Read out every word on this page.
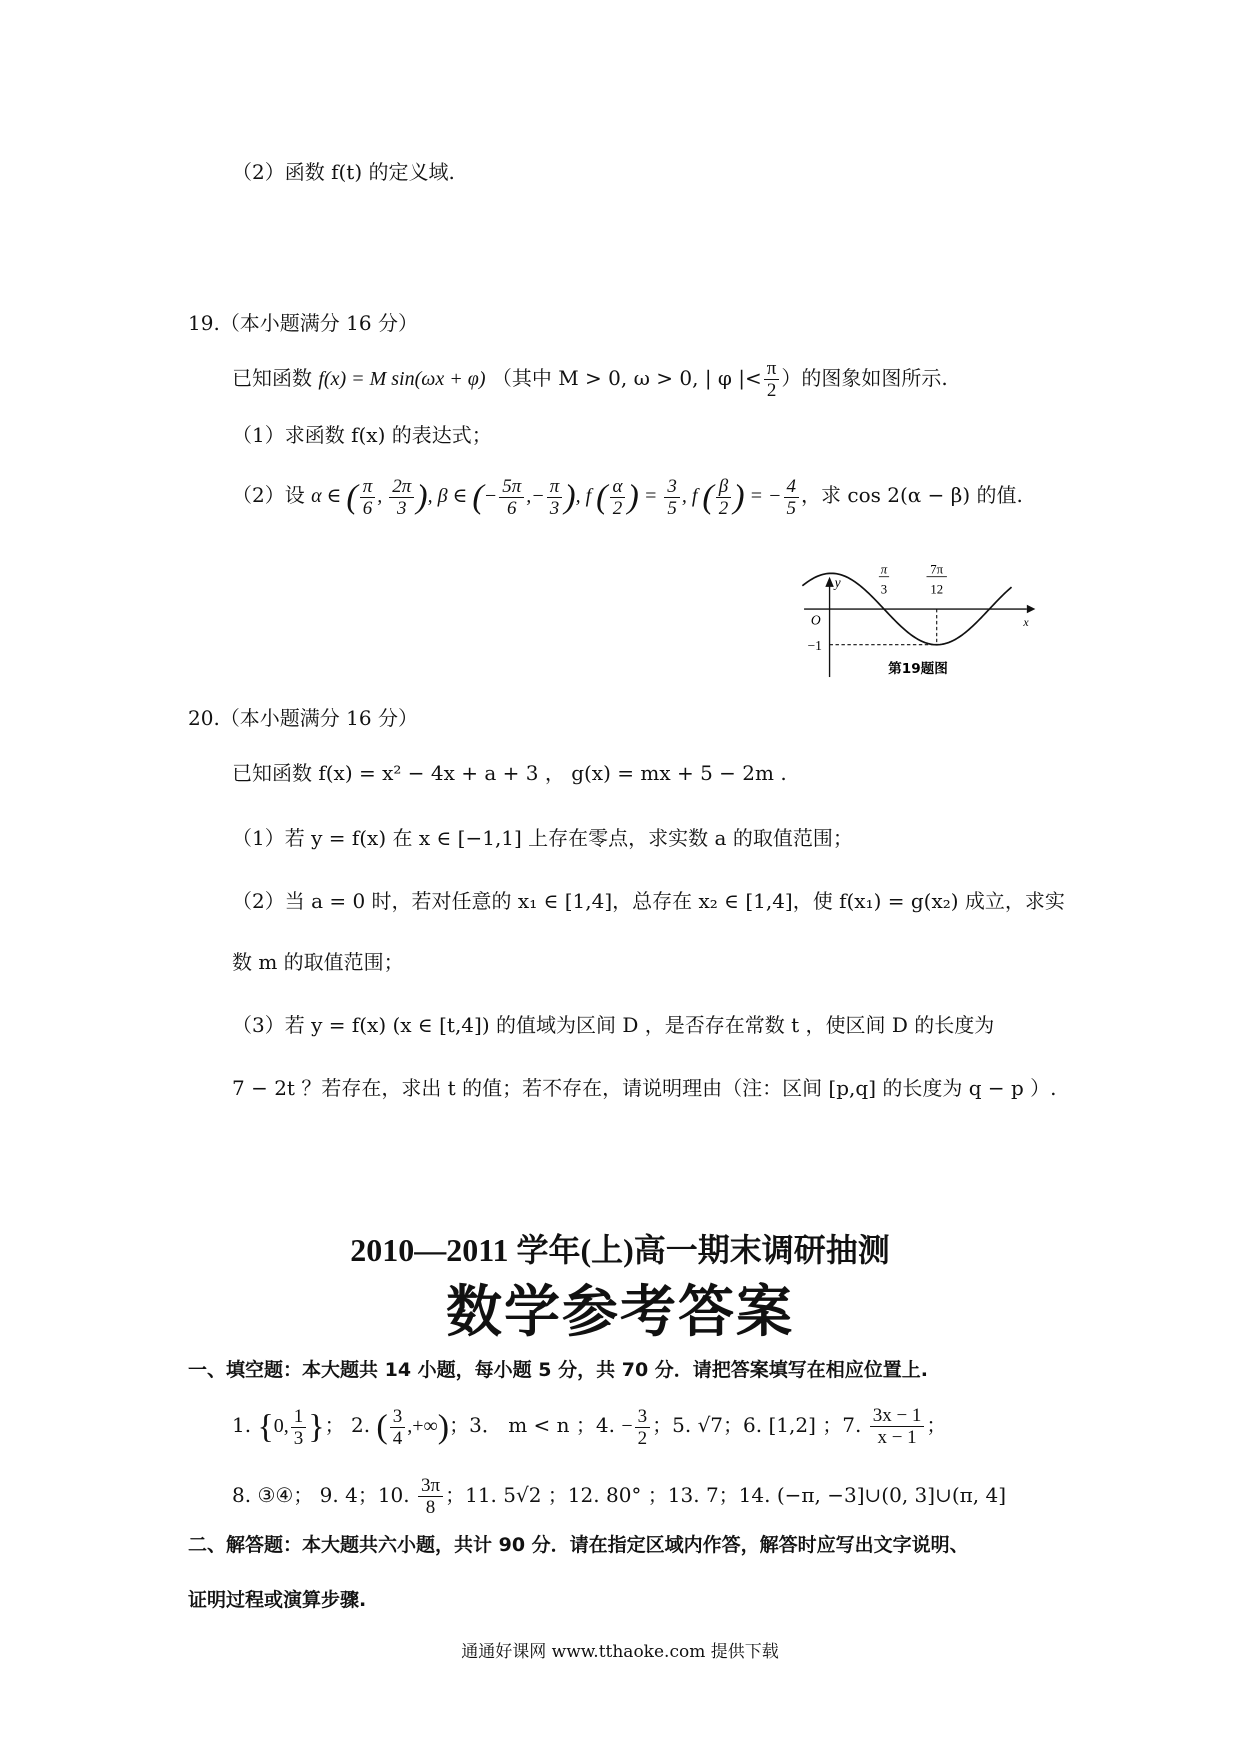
（2）函数 f(t) 的定义域.
19.（本小题满分 16 分）
已知函数 f(x) = M sin(ωx + φ) （其中 M > 0, ω > 0, | φ |< $\frac{\pi}{2}$ ）的图象如图所示.
（1）求函数 f(x) 的表达式；
（2）设 α ∈ ( $\frac{\pi}{6}$ , $\frac{2\pi}{3}$ ), β ∈ (− $\frac{5\pi}{6}$ ,− $\frac{\pi}{3}$ ), f ( $\frac{\alpha}{2}$ ) = $\frac{3}{5}$ , f ( $\frac{\beta}{2}$ ) = − $\frac{4}{5}$ ，求 cos 2(α − β) 的值.
y
x
O
−1
π
3
7π
12
第19题图
20.（本小题满分 16 分）
已知函数 f(x) = x² − 4x + a + 3 ， g(x) = mx + 5 − 2m .
（1）若 y = f(x) 在 x ∈ [−1,1] 上存在零点，求实数 a 的取值范围；
（2）当 a = 0 时，若对任意的 x₁ ∈ [1,4]，总存在 x₂ ∈ [1,4]，使 f(x₁) = g(x₂) 成立，求实
数 m 的取值范围；
（3）若 y = f(x) (x ∈ [t,4]) 的值域为区间 D ，是否存在常数 t ，使区间 D 的长度为
7 − 2t ？若存在，求出 t 的值；若不存在，请说明理由（注：区间 [p,q] 的长度为 q − p ）.
2010—2011 学年(上)高一期末调研抽测
数学参考答案
一、填空题：本大题共 14 小题，每小题 5 分，共 70 分．请把答案填写在相应位置上.
1. {0, $\frac{1}{3}$ }； 2. ( $\frac{3}{4}$ ,+∞)；3． m < n ；4. − $\frac{3}{2}$ ；5. √7；6. [1,2] ；7. $\frac{3x - 1}{x - 1}$ ；
8. ③④； 9. 4；10. $\frac{3\pi}{8}$ ；11. 5√2 ；12. 80° ；13. 7；14. (−π, −3]∪(0, 3]∪(π, 4]
二、解答题：本大题共六小题，共计 90 分．请在指定区域内作答，解答时应写出文字说明、
证明过程或演算步骤.
通通好课网 www.tthaoke.com 提供下载
